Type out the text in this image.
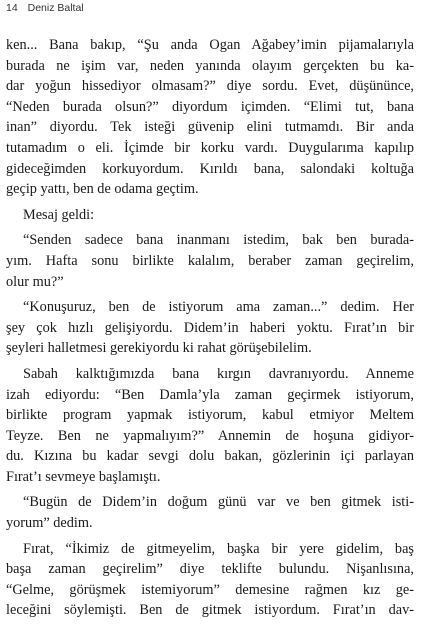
14 Deniz Baltal
ken... Bana bakıp, “Şu anda Ogan Ağabey’imin pijamalarıyla
burada ne işim var, neden yanında olayım gerçekten bu ka-
dar yoğun hissediyor olmasam?” diye sordu. Evet, düşününce,
“Neden burada olsun?” diyordum içimden. “Elimi tut, bana
inan” diyordu. Tek isteği güvenip elini tutmamdı. Bir anda
tutamadım o eli. İçimde bir korku vardı. Duygularıma kapılıp
gideceğimden korkuyordum. Kırıldı bana, salondaki koltuğa
geçip yattı, ben de odama geçtim.
Mesaj geldi:
“Senden sadece bana inanmanı istedim, bak ben burada-
yım. Hafta sonu birlikte kalalım, beraber zaman geçirelim,
olur mu?”
“Konuşuruz, ben de istiyorum ama zaman...” dedim. Her
şey çok hızlı gelişiyordu. Didem’in haberi yoktu. Fırat’ın bir
şeyleri halletmesi gerekiyordu ki rahat görüşebilelim.
Sabah kalktığımızda bana kırgın davranıyordu. Anneme
izah ediyordu: “Ben Damla’yla zaman geçirmek istiyorum,
birlikte program yapmak istiyorum, kabul etmiyor Meltem
Teyze. Ben ne yapmalıyım?” Annemin de hoşuna gidiyor-
du. Kızına bu kadar sevgi dolu bakan, gözlerinin içi parlayan
Fırat’ı sevmeye başlamıştı.
“Bugün de Didem’in doğum günü var ve ben gitmek isti-
yorum” dedim.
Fırat, “İkimiz de gitmeyelim, başka bir yere gidelim, baş
başa zaman geçirelim” diye teklifte bulundu. Nişanlısına,
“Gelme, görüşmek istemiyorum” demesine rağmen kız ge-
leceğini söylemişti. Ben de gitmek istiyordum. Fırat’ın dav-
